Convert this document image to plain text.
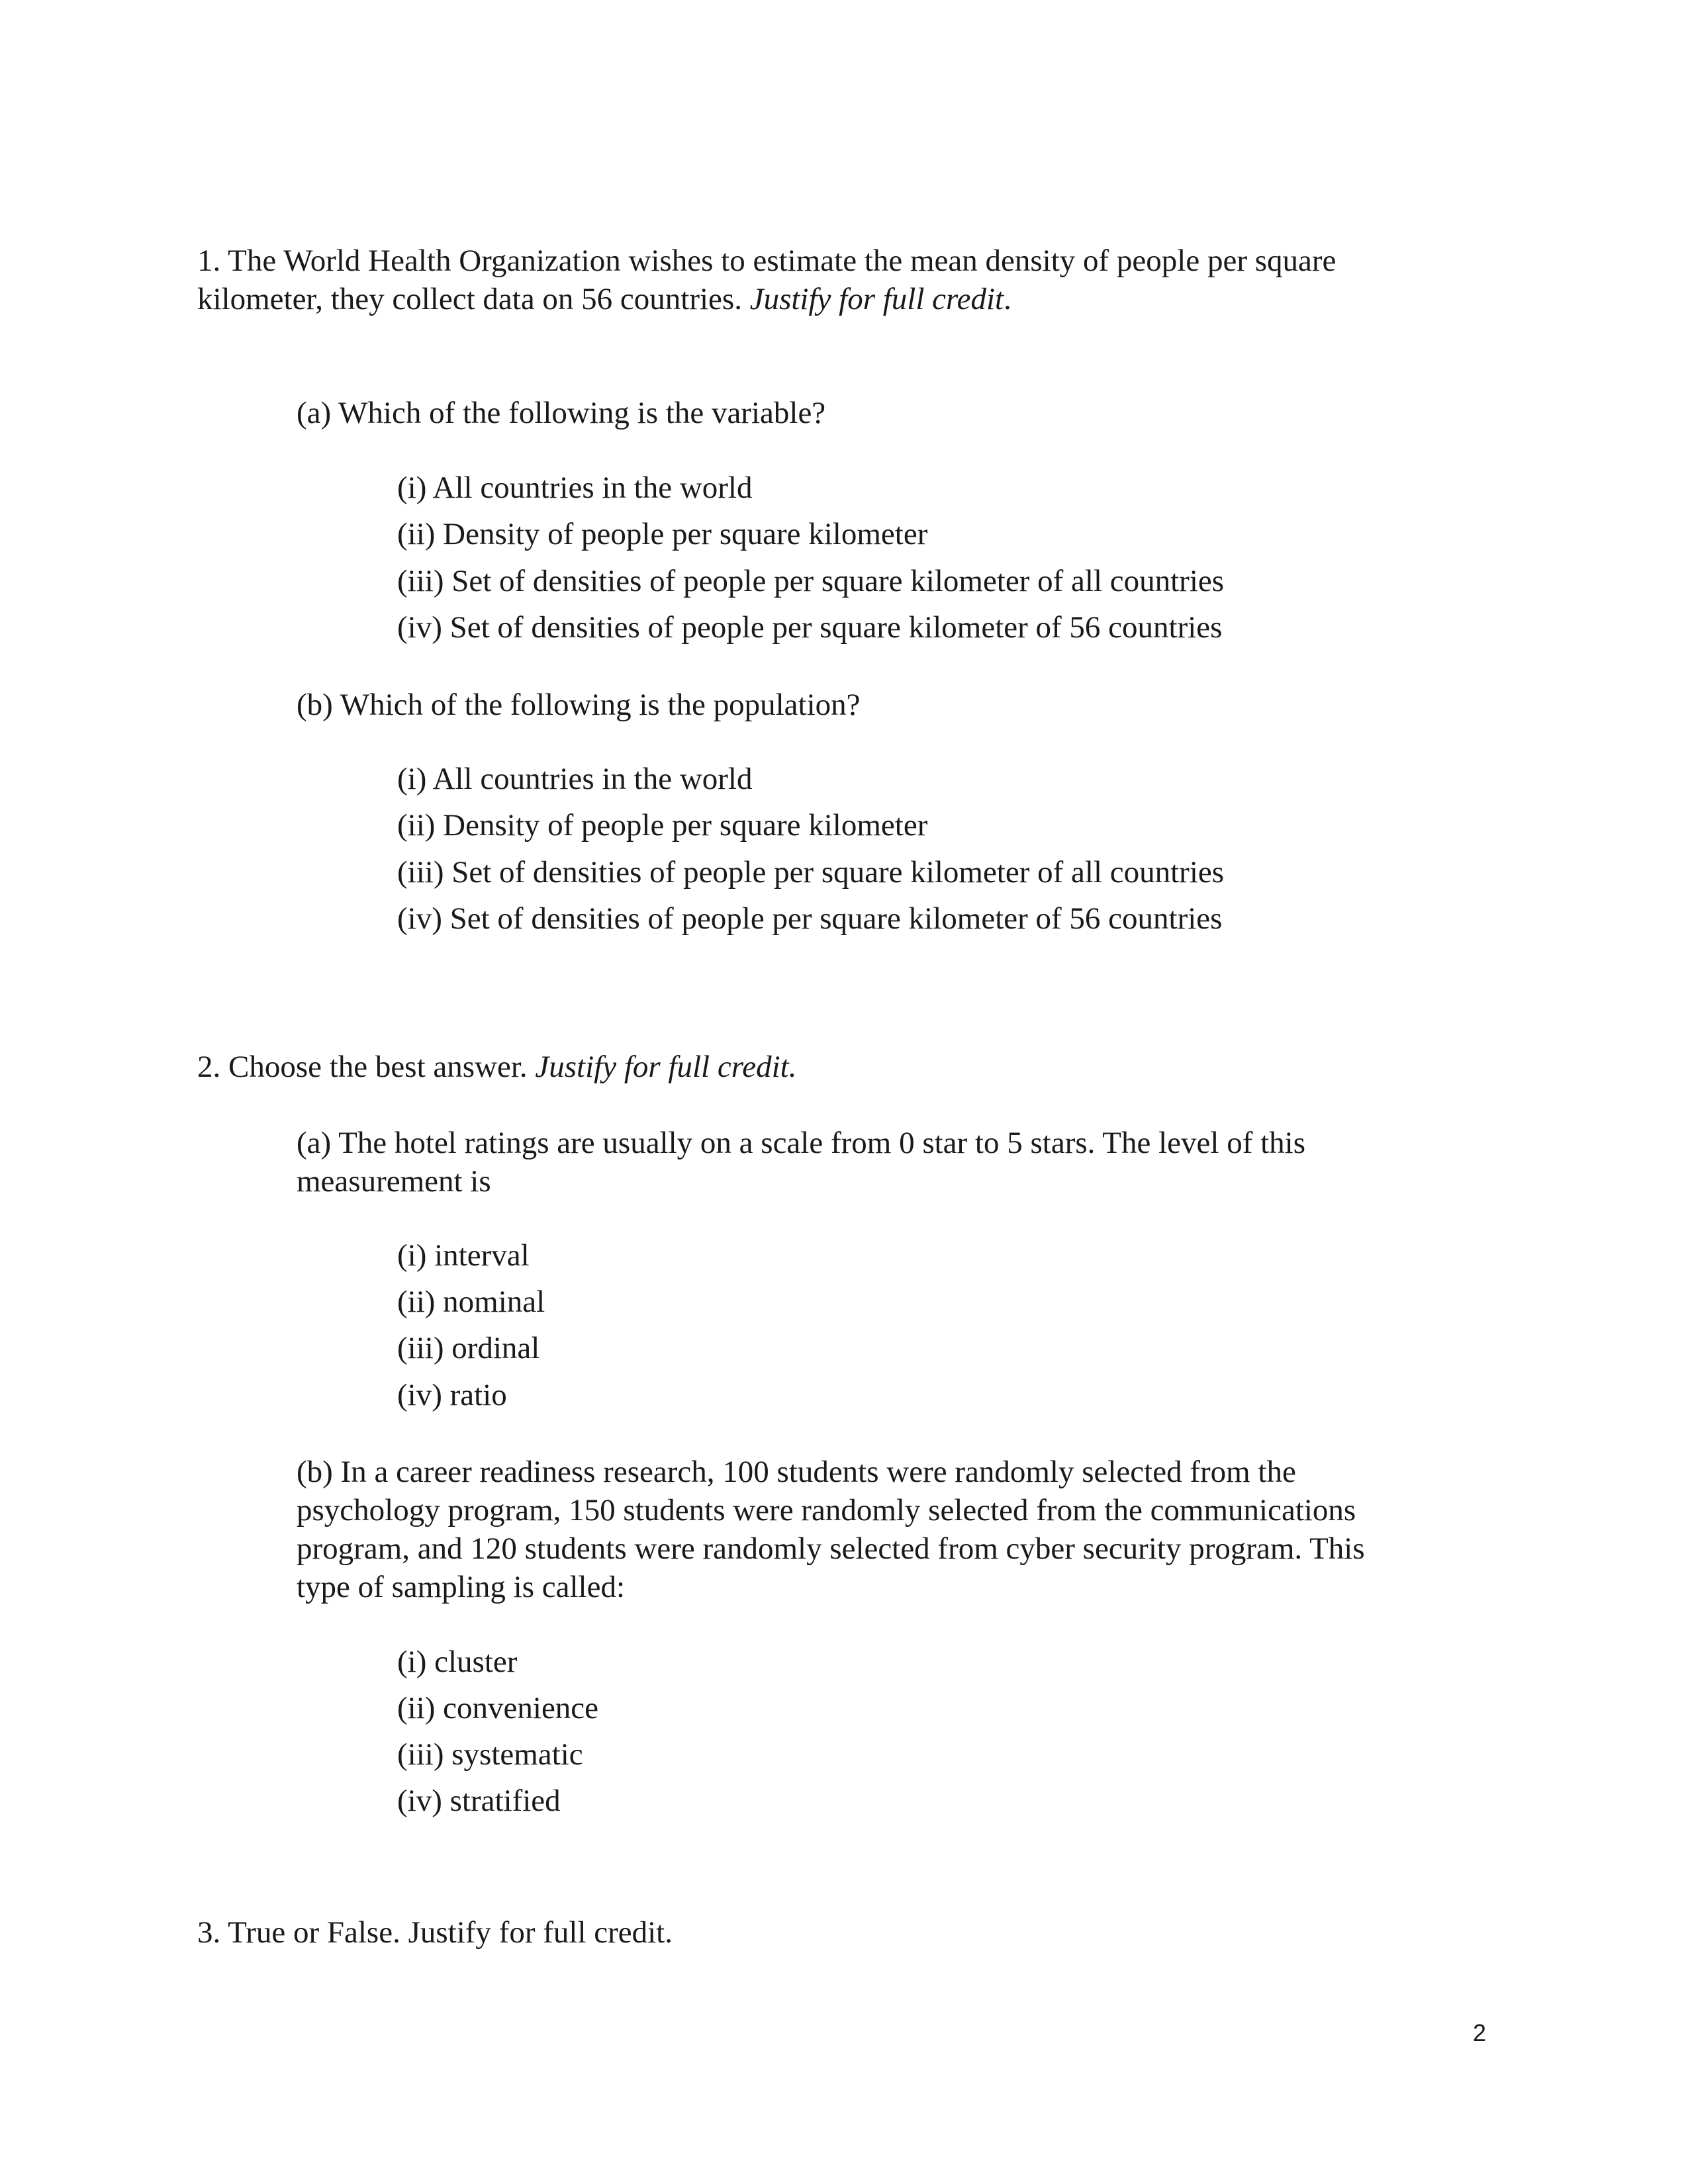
1. The World Health Organization wishes to estimate the mean density of people per square
kilometer, they collect data on 56 countries. Justify for full credit.
(a) Which of the following is the variable?
(i) All countries in the world
(ii) Density of people per square kilometer
(iii) Set of densities of people per square kilometer of all countries
(iv) Set of densities of people per square kilometer of 56 countries
(b) Which of the following is the population?
(i) All countries in the world
(ii) Density of people per square kilometer
(iii) Set of densities of people per square kilometer of all countries
(iv) Set of densities of people per square kilometer of 56 countries
2. Choose the best answer. Justify for full credit.
(a) The hotel ratings are usually on a scale from 0 star to 5 stars. The level of this
measurement is
(i) interval
(ii) nominal
(iii) ordinal
(iv) ratio
(b) In a career readiness research, 100 students were randomly selected from the
psychology program, 150 students were randomly selected from the communications
program, and 120 students were randomly selected from cyber security program. This
type of sampling is called:
(i) cluster
(ii) convenience
(iii) systematic
(iv) stratified
3. True or False. Justify for full credit.
2
